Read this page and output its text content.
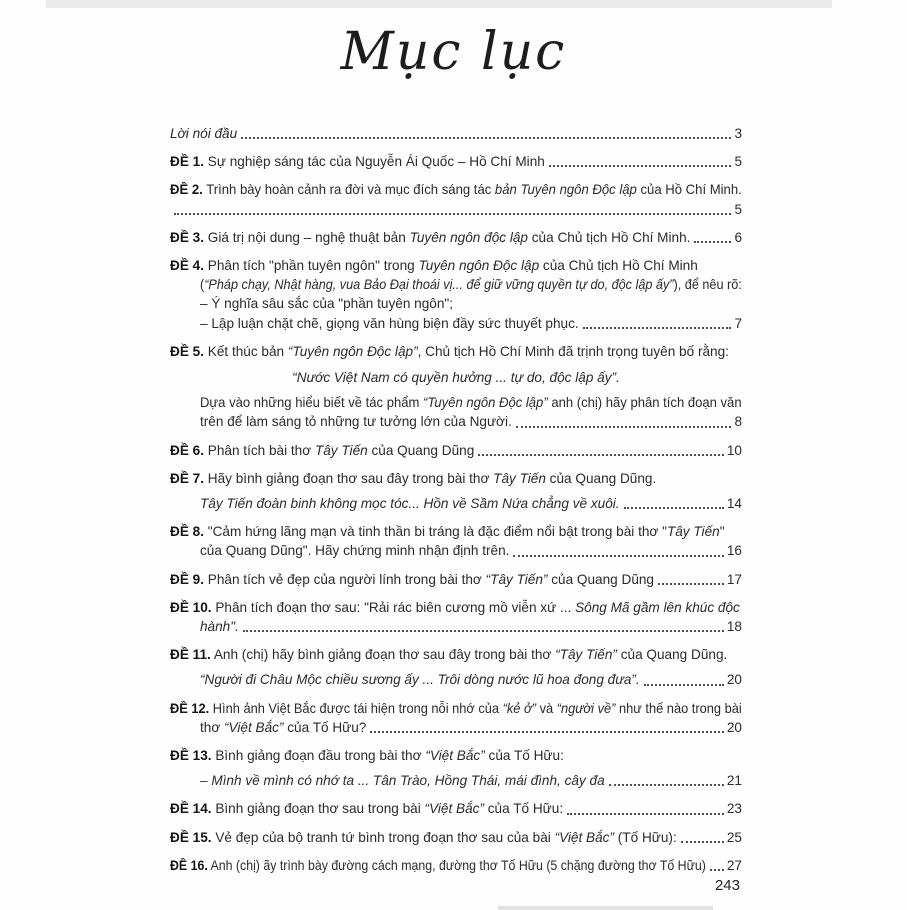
Mục lục
Lời nói đầu	3
ĐỀ 1. Sự nghiệp sáng tác của Nguyễn Ái Quốc – Hồ Chí Minh	5
ĐỀ 2. Trình bày hoàn cảnh ra đời và mục đích sáng tác bản Tuyên ngôn Độc lập của Hồ Chí Minh.
5
ĐỀ 3. Giá trị nội dung – nghệ thuật bản Tuyên ngôn độc lập của Chủ tịch Hồ Chí Minh.	6
ĐỀ 4. Phân tích "phần tuyên ngôn" trong Tuyên ngôn Độc lập của Chủ tịch Hồ Chí Minh
(“Pháp chạy, Nhật hàng, vua Bảo Đại thoái vị... để giữ vững quyền tự do, độc lập ấy”), để nêu rõ:
– Ý nghĩa sâu sắc của "phần tuyên ngôn";
– Lập luận chặt chẽ, giọng văn hùng biện đầy sức thuyết phục.	7
ĐỀ 5. Kết thúc bản “Tuyên ngôn Độc lập”, Chủ tịch Hồ Chí Minh đã trịnh trọng tuyên bố rằng:
“Nước Việt Nam có quyền hưởng ... tự do, độc lập ấy”.
Dựa vào những hiểu biết về tác phẩm “Tuyên ngôn Độc lập” anh (chị) hãy phân tích đoạn văn
trên để làm sáng tỏ những tư tưởng lớn của Người.	8
ĐỀ 6. Phân tích bài thơ Tây Tiến của Quang Dũng	10
ĐỀ 7. Hãy bình giảng đoạn thơ sau đây trong bài thơ Tây Tiến của Quang Dũng.
Tây Tiến đoàn binh không mọc tóc... Hồn về Sầm Nứa chẳng về xuôi.	14
ĐỀ 8. "Cảm hứng lãng mạn và tinh thần bi tráng là đặc điểm nổi bật trong bài thơ "Tây Tiến"
của Quang Dũng". Hãy chứng minh nhận định trên.	16
ĐỀ 9. Phân tích vẻ đẹp của người lính trong bài thơ “Tây Tiến” của Quang Dũng	17
ĐỀ 10. Phân tích đoạn thơ sau: "Rải rác biên cương mồ viễn xứ ... Sông Mã gầm lên khúc độc
hành".	18
ĐỀ 11. Anh (chị) hãy bình giảng đoạn thơ sau đây trong bài thơ “Tây Tiến” của Quang Dũng.
“Người đi Châu Mộc chiều sương ấy ... Trôi dòng nước lũ hoa đong đưa”.	20
ĐỀ 12. Hình ảnh Việt Bắc được tái hiện trong nỗi nhớ của “kẻ ở” và “người về” như thế nào trong bài
thơ “Việt Bắc” của Tố Hữu?	20
ĐỀ 13. Bình giảng đoạn đầu trong bài thơ “Việt Bắc” của Tố Hữu:
– Mình về mình có nhớ ta ... Tân Trào, Hồng Thái, mái đình, cây đa	21
ĐỀ 14. Bình giảng đoạn thơ sau trong bài “Việt Bắc” của Tố Hữu:	23
ĐỀ 15. Vẻ đẹp của bộ tranh tứ bình trong đoạn thơ sau của bài “Việt Bắc” (Tố Hữu):	25
ĐỀ 16. Anh (chị) ãy trình bày đường cách mạng, đường thơ Tố Hữu (5 chặng đường thơ Tố Hữu) 27
243
